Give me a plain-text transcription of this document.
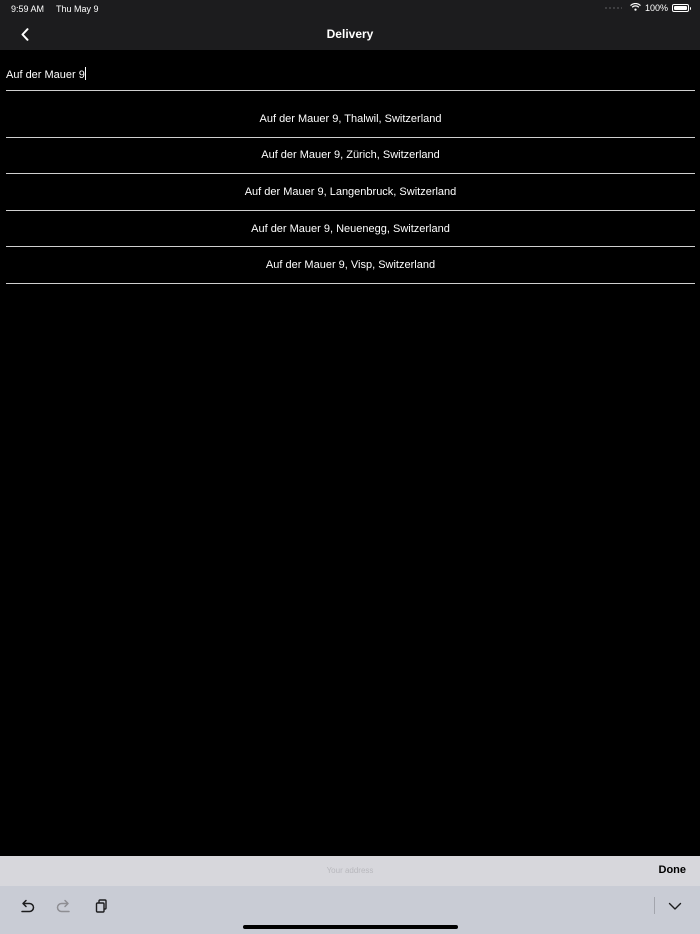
9:59 AM Thu May 9	100%
Delivery
Auf der Mauer 9
Auf der Mauer 9, Thalwil, Switzerland
Auf der Mauer 9, Zürich, Switzerland
Auf der Mauer 9, Langenbruck, Switzerland
Auf der Mauer 9, Neuenegg, Switzerland
Auf der Mauer 9, Visp, Switzerland
Your address	Done
